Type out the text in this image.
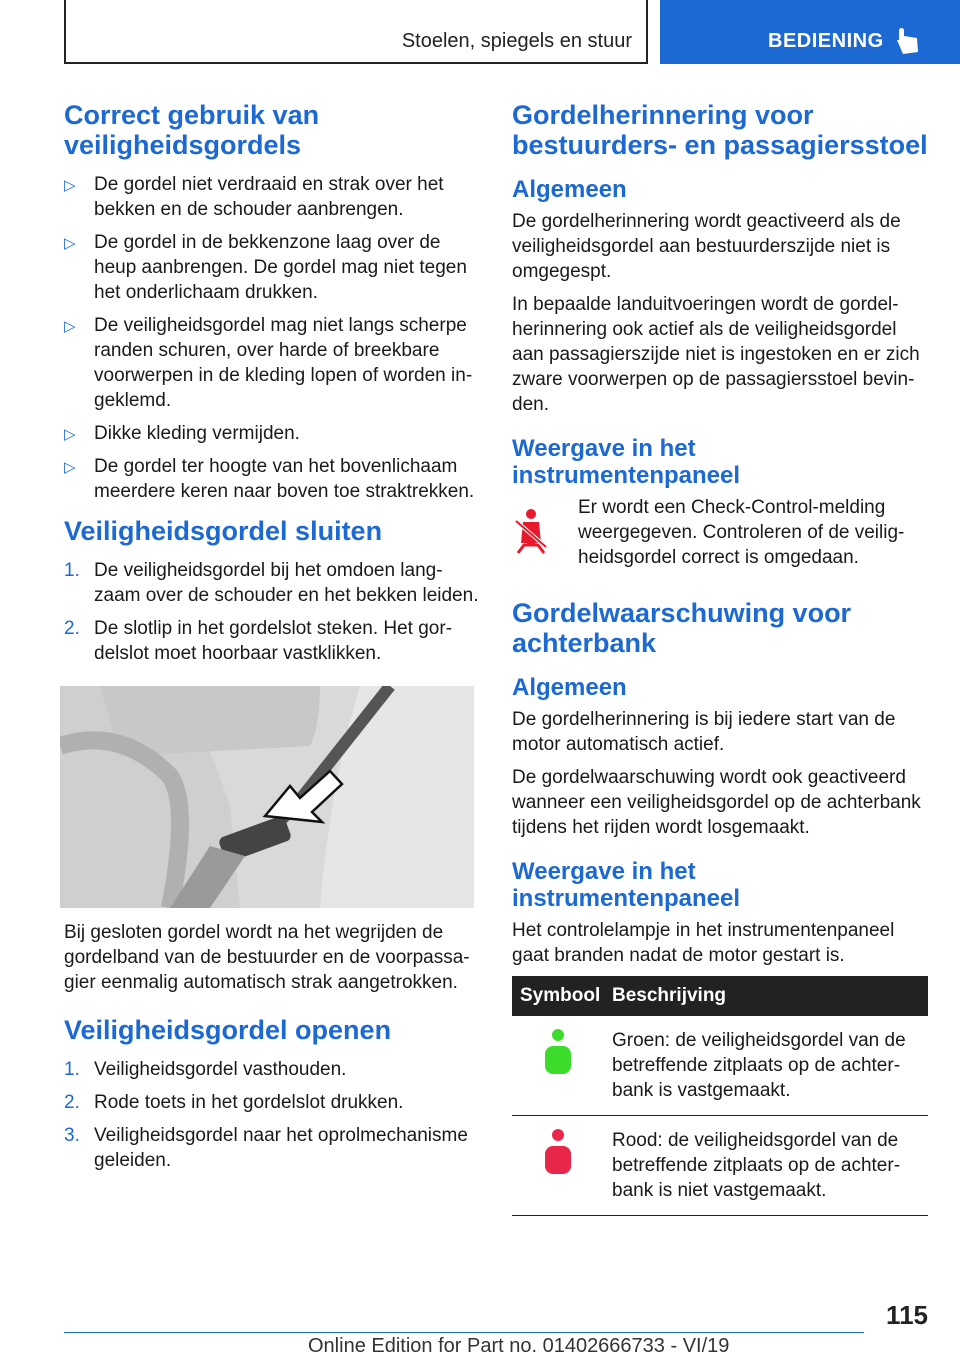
Stoelen, spiegels en stuur	BEDIENING
Correct gebruik van veiligheidsgordels
▷ De gordel niet verdraaid en strak over het bekken en de schouder aanbrengen.
▷ De gordel in de bekkenzone laag over de heup aanbrengen. De gordel mag niet tegen het onderlichaam drukken.
▷ De veiligheidsgordel mag niet langs scherpe randen schuren, over harde of breekbare voorwerpen in de kleding lopen of worden ingeklemd.
▷ Dikke kleding vermijden.
▷ De gordel ter hoogte van het bovenlichaam meerdere keren naar boven toe straktrekken.
Veiligheidsgordel sluiten
1. De veiligheidsgordel bij het omdoen langzaam over de schouder en het bekken leiden.
2. De slotlip in het gordelslot steken. Het gordelslot moet hoorbaar vastklikken.

Bij gesloten gordel wordt na het wegrijden de gordelband van de bestuurder en de voorpassagier eenmalig automatisch strak aangetrokken.

Veiligheidsgordel openen
1. Veiligheidsgordel vasthouden.
2. Rode toets in het gordelslot drukken.
3. Veiligheidsgordel naar het oprolmechanisme geleiden.
Gordelherinnering voor bestuurders- en passagiersstoel
Algemeen

De gordelherinnering wordt geactiveerd als de veiligheidsgordel aan bestuurderszijde niet is omgegespt.

In bepaalde landuitvoeringen wordt de gordelherinnering ook actief als de veiligheidsgordel aan passagierszijde niet is ingestoken en er zich zware voorwerpen op de passagiersstoel bevinden.

Weergave in het instrumentenpaneel

Er wordt een Check-Control-melding weergegeven. Controleren of de veiligheidsgordel correct is omgedaan.

Gordelwaarschuwing voor achterbank
Algemeen

De gordelherinnering is bij iedere start van de motor automatisch actief.

De gordelwaarschuwing wordt ook geactiveerd wanneer een veiligheidsgordel op de achterbank tijdens het rijden wordt losgemaakt.

Weergave in het instrumentenpaneel

Het controlelampje in het instrumentenpaneel gaat branden nadat de motor gestart is.

Symbool	Beschrijving
	Groen: de veiligheidsgordel van de betreffende zitplaats op de achterbank is vastgemaakt.
	Rood: de veiligheidsgordel van de betreffende zitplaats op de achterbank is niet vastgemaakt.
115
Online Edition for Part no. 01402666733 - VI/19
